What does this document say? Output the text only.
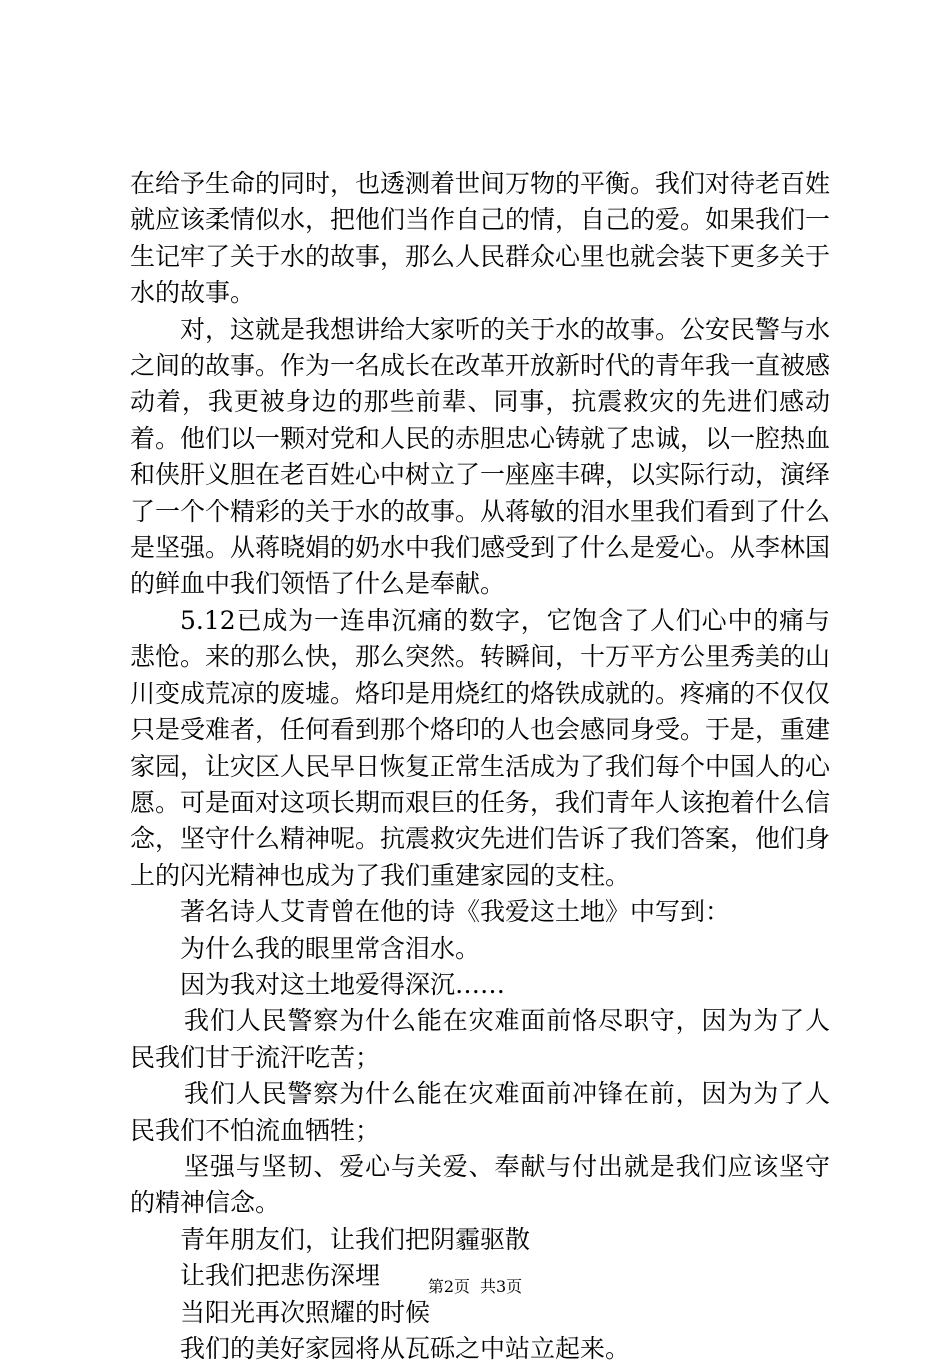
在给予生命的同时，也透测着世间万物的平衡。我们对待老百姓就应该柔情似水，把他们当作自己的情，自己的爱。如果我们一生记牢了关于水的故事，那么人民群众心里也就会装下更多关于水的故事。

对，这就是我想讲给大家听的关于水的故事。公安民警与水之间的故事。作为一名成长在改革开放新时代的青年我一直被感动着，我更被身边的那些前辈、同事，抗震救灾的先进们感动着。他们以一颗对党和人民的赤胆忠心铸就了忠诚，以一腔热血和侠肝义胆在老百姓心中树立了一座座丰碑，以实际行动，演绎了一个个精彩的关于水的故事。从蒋敏的泪水里我们看到了什么是坚强。从蒋晓娟的奶水中我们感受到了什么是爱心。从李林国的鲜血中我们领悟了什么是奉献。

5.12已成为一连串沉痛的数字，它饱含了人们心中的痛与悲怆。来的那么快，那么突然。转瞬间，十万平方公里秀美的山川变成荒凉的废墟。烙印是用烧红的烙铁成就的。疼痛的不仅仅只是受难者，任何看到那个烙印的人也会感同身受。于是，重建家园，让灾区人民早日恢复正常生活成为了我们每个中国人的心愿。可是面对这项长期而艰巨的任务，我们青年人该抱着什么信念，坚守什么精神呢。抗震救灾先进们告诉了我们答案，他们身上的闪光精神也成为了我们重建家园的支柱。

著名诗人艾青曾在他的诗《我爱这土地》中写到：

为什么我的眼里常含泪水。

因为我对这土地爱得深沉……

我们人民警察为什么能在灾难面前恪尽职守，因为为了人民我们甘于流汗吃苦；

我们人民警察为什么能在灾难面前冲锋在前，因为为了人民我们不怕流血牺牲；

坚强与坚韧、爱心与关爱、奉献与付出就是我们应该坚守的精神信念。

青年朋友们，让我们把阴霾驱散

让我们把悲伤深埋

当阳光再次照耀的时候

我们的美好家园将从瓦砾之中站立起来。

第2页 共3页
